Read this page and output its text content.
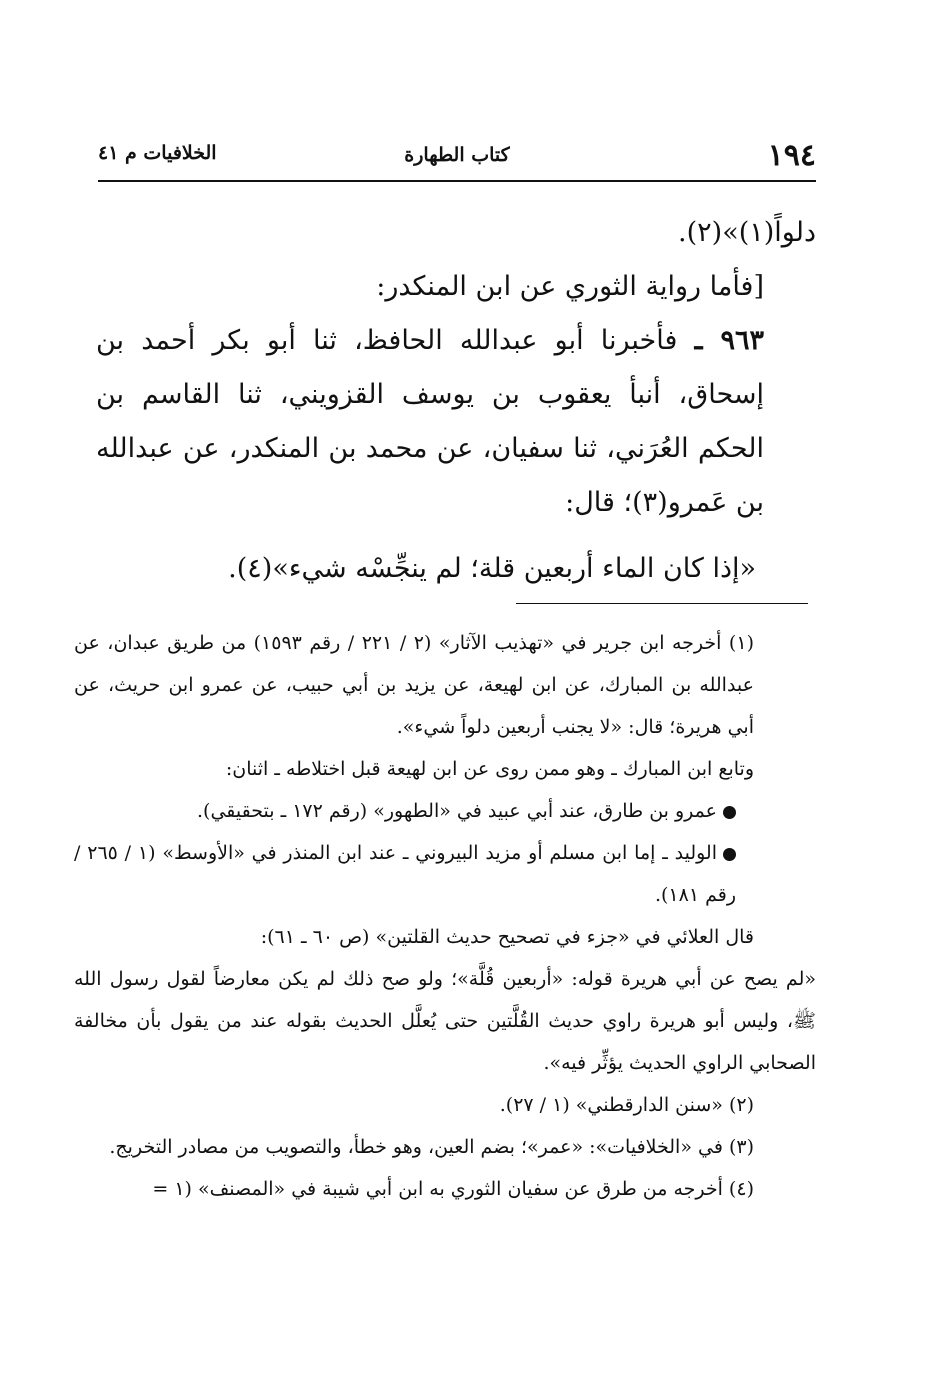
١٩٤
كتاب الطهارة
الخلافيات م ٤١

دلواً(١)»(٢).

[فأما رواية الثوري عن ابن المنكدر:

٩٦٣ ـ فأخبرنا أبو عبدالله الحافظ، ثنا أبو بكر أحمد بن إسحاق، أنبأ يعقوب بن يوسف القزويني، ثنا القاسم بن الحكم العُرَني، ثنا سفيان، عن محمد بن المنكدر، عن عبدالله بن عَمرو(٣)؛ قال:

«إذا كان الماء أربعين قلة؛ لم ينجِّسْه شيء»(٤).

(١) أخرجه ابن جرير في «تهذيب الآثار» (٢ / ٢٢١ / رقم ١٥٩٣) من طريق عبدان، عن عبدالله بن المبارك، عن ابن لهيعة، عن يزيد بن أبي حبيب، عن عمرو ابن حريث، عن أبي هريرة؛ قال: «لا يجنب أربعين دلواً شيء».

وتابع ابن المبارك ـ وهو ممن روى عن ابن لهيعة قبل اختلاطه ـ اثنان:

عمرو بن طارق، عند أبي عبيد في «الطهور» (رقم ١٧٢ ـ بتحقيقي).

الوليد ـ إما ابن مسلم أو مزيد البيروني ـ عند ابن المنذر في «الأوسط» (١ / ٢٦٥ / رقم ١٨١).

قال العلائي في «جزء في تصحيح حديث القلتين» (ص ٦٠ ـ ٦١):

«لم يصح عن أبي هريرة قوله: «أربعين قُلَّة»؛ ولو صح ذلك لم يكن معارضاً لقول رسول الله ﷺ، وليس أبو هريرة راوي حديث القُلَّتين حتى يُعلَّل الحديث بقوله عند من يقول بأن مخالفة الصحابي الراوي الحديث يؤثِّر فيه».

(٢) «سنن الدارقطني» (١ / ٢٧).

(٣) في «الخلافيات»: «عمر»؛ بضم العين، وهو خطأ، والتصويب من مصادر التخريج.

(٤) أخرجه من طرق عن سفيان الثوري به ابن أبي شيبة في «المصنف» (١ =
